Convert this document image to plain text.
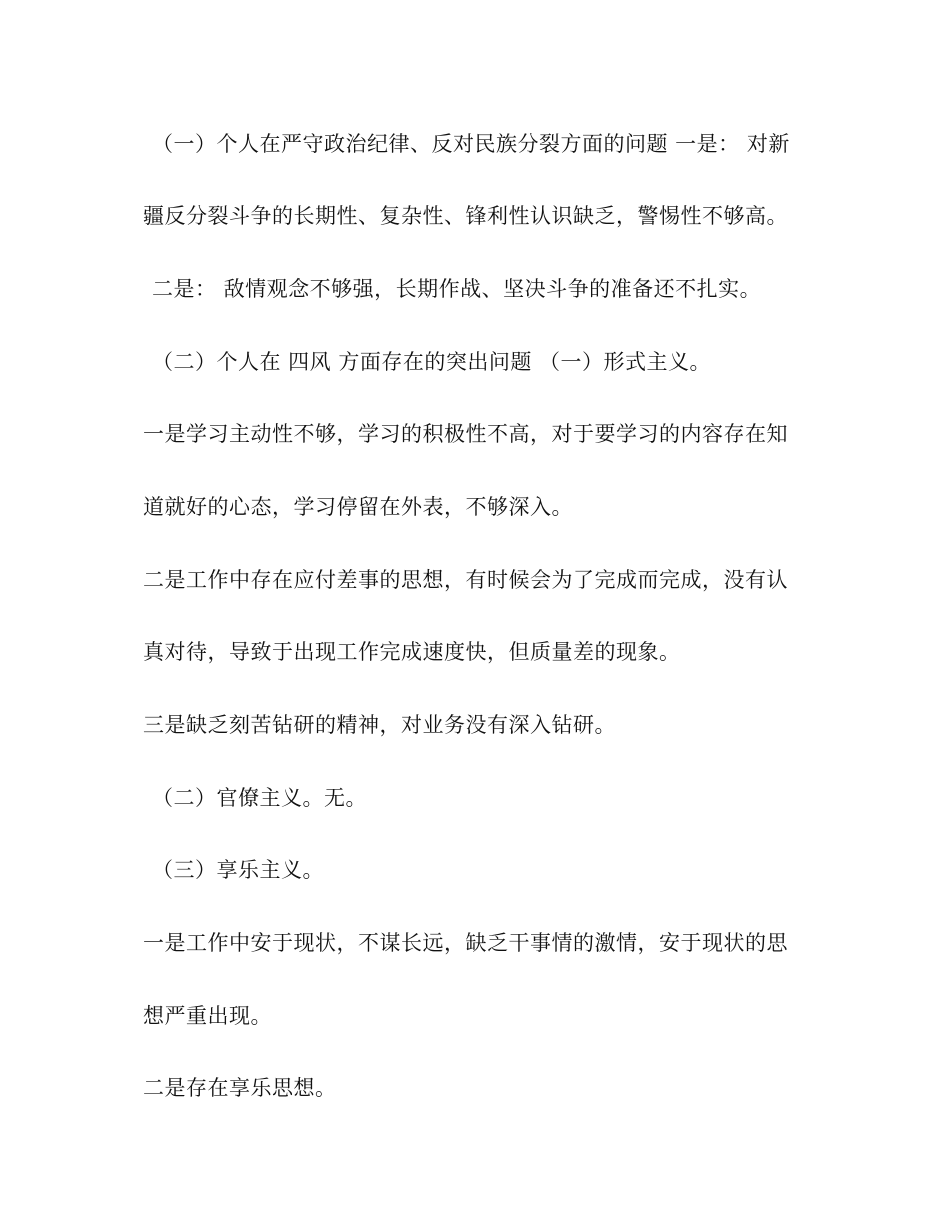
（一）个人在严守政治纪律、反对民族分裂方面的问题 一是： 对新
疆反分裂斗争的长期性、复杂性、锋利性认识缺乏，警惕性不够高。
二是： 敌情观念不够强，长期作战、坚决斗争的准备还不扎实。
（二）个人在 四风 方面存在的突出问题 （一）形式主义。
一是学习主动性不够，学习的积极性不高，对于要学习的内容存在知
道就好的心态，学习停留在外表，不够深入。
二是工作中存在应付差事的思想，有时候会为了完成而完成，没有认
真对待，导致于出现工作完成速度快，但质量差的现象。
三是缺乏刻苦钻研的精神，对业务没有深入钻研。
（二）官僚主义。无。
（三）享乐主义。
一是工作中安于现状，不谋长远，缺乏干事情的激情，安于现状的思
想严重出现。
二是存在享乐思想。
